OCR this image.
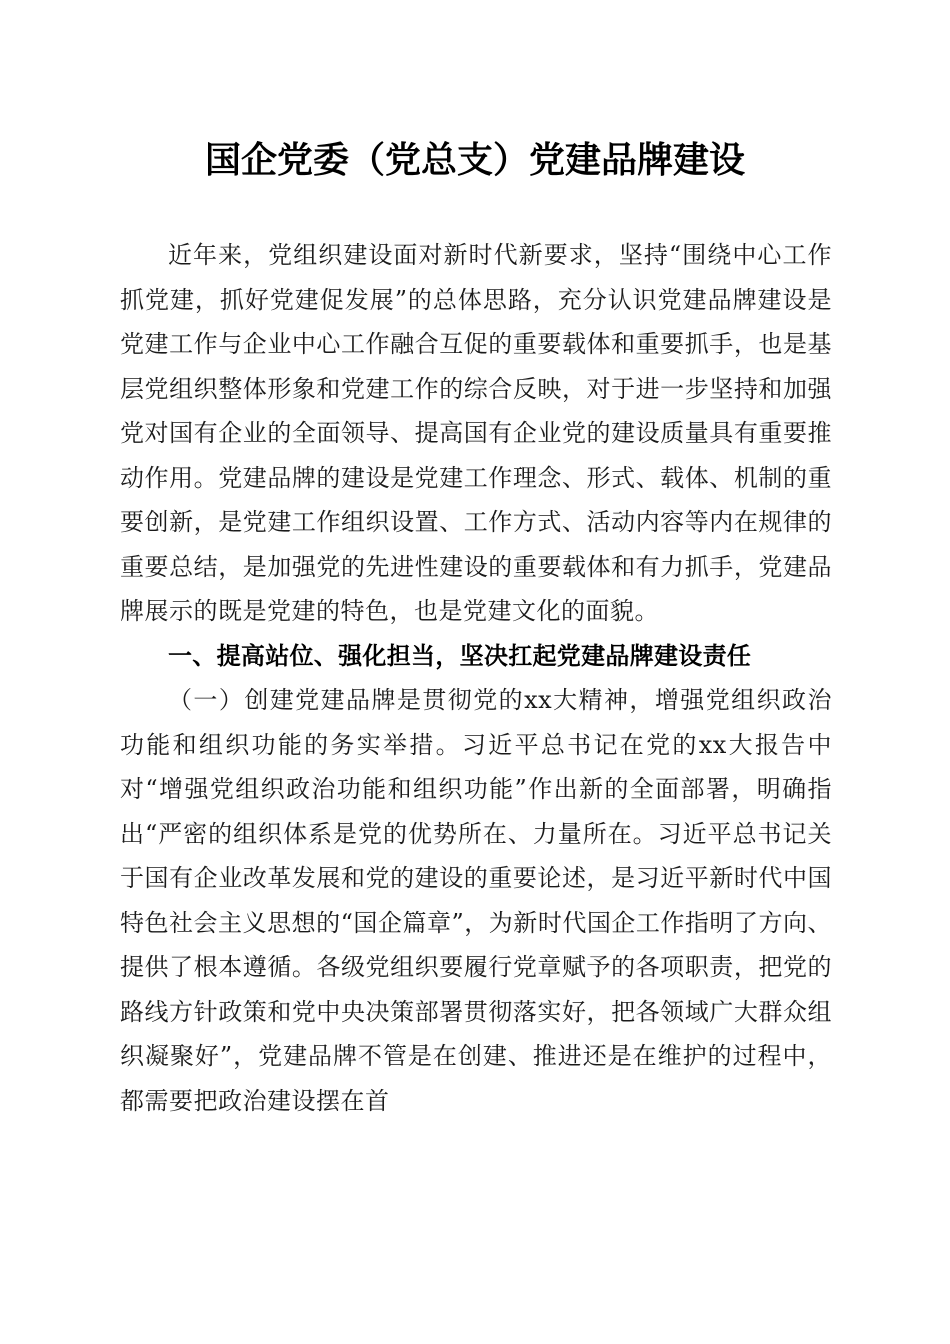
国企党委（党总支）党建品牌建设

近年来，党组织建设面对新时代新要求，坚持“围绕中心工作抓党建，抓好党建促发展”的总体思路，充分认识党建品牌建设是党建工作与企业中心工作融合互促的重要载体和重要抓手，也是基层党组织整体形象和党建工作的综合反映，对于进一步坚持和加强党对国有企业的全面领导、提高国有企业党的建设质量具有重要推动作用。党建品牌的建设是党建工作理念、形式、载体、机制的重要创新，是党建工作组织设置、工作方式、活动内容等内在规律的重要总结，是加强党的先进性建设的重要载体和有力抓手，党建品牌展示的既是党建的特色，也是党建文化的面貌。

一、提高站位、强化担当，坚决扛起党建品牌建设责任

（一）创建党建品牌是贯彻党的xx大精神，增强党组织政治功能和组织功能的务实举措。习近平总书记在党的xx大报告中对“增强党组织政治功能和组织功能”作出新的全面部署，明确指出“严密的组织体系是党的优势所在、力量所在。习近平总书记关于国有企业改革发展和党的建设的重要论述，是习近平新时代中国特色社会主义思想的“国企篇章”，为新时代国企工作指明了方向、提供了根本遵循。各级党组织要履行党章赋予的各项职责，把党的路线方针政策和党中央决策部署贯彻落实好，把各领域广大群众组织凝聚好”，党建品牌不管是在创建、推进还是在维护的过程中，都需要把政治建设摆在首
